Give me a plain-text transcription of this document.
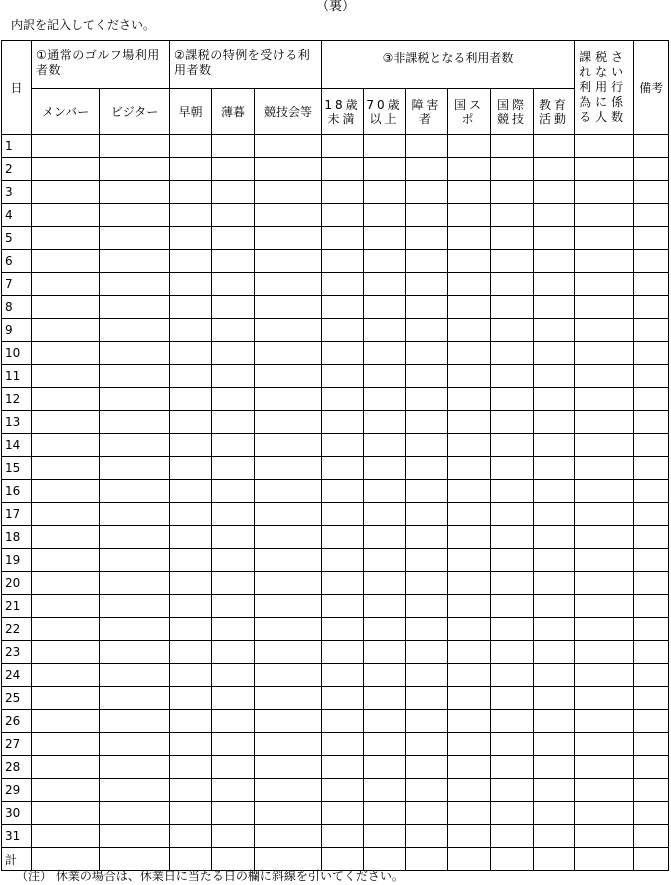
（裏）
内訳を記入してください。
日	①通常のゴルフ場利用者数		②課税の特例を受ける利用者数			③非課税となる利用者数						課税されない利用行為に係る人数	備考
	メンバー	ビジター	早朝	薄暮	競技会等	18歳未満	70歳以上	障害者	国スポ	国際競技	教育活動		
1													
2													
3													
4													
5													
6													
7													
8													
9													
10													
11													
12													
13													
14													
15													
16													
17													
18													
19													
20													
21													
22													
23													
24													
25													
26													
27													
28													
29													
30													
31													
計													
（注） 休業の場合は、休業日に当たる日の欄に斜線を引いてください。
